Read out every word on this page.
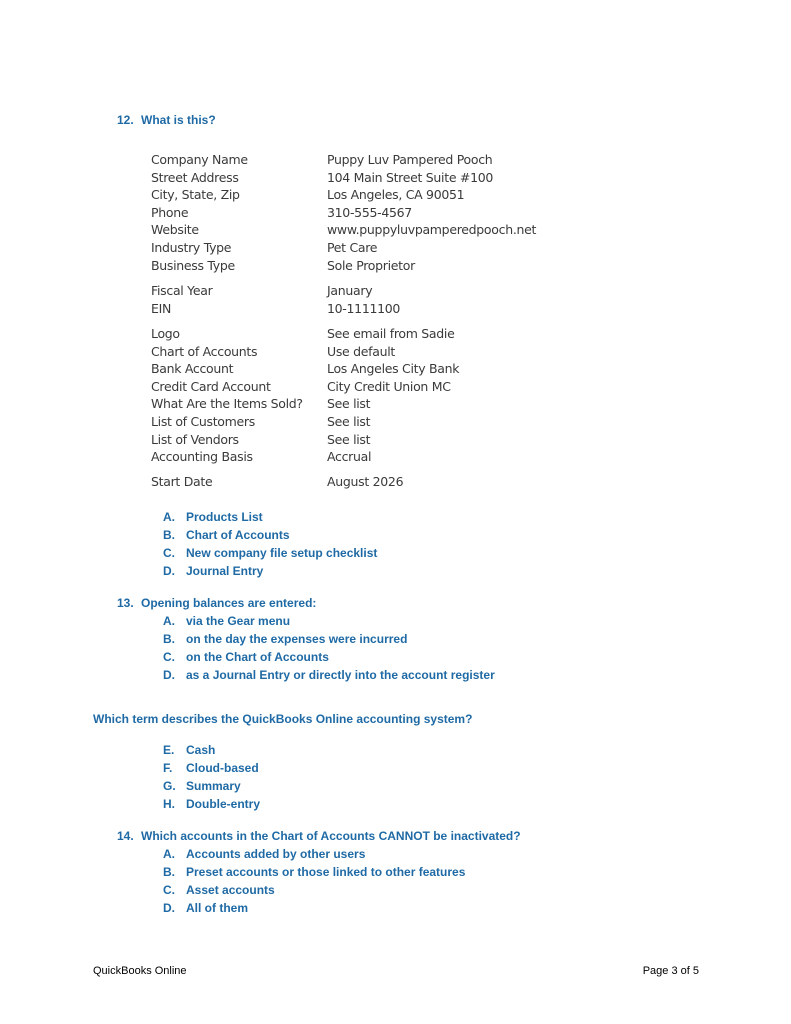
12. What is this?
Company Name	Puppy Luv Pampered Pooch
Street Address	104 Main Street Suite #100
City, State, Zip	Los Angeles, CA 90051
Phone	310-555-4567
Website	www.puppyluvpamperedpooch.net
Industry Type	Pet Care
Business Type	Sole Proprietor
Fiscal Year	January
EIN	10-1111100
Logo	See email from Sadie
Chart of Accounts	Use default
Bank Account	Los Angeles City Bank
Credit Card Account	City Credit Union MC
What Are the Items Sold? See list
List of Customers	See list
List of Vendors	See list
Accounting Basis	Accrual
Start Date	August 2026
A. Products List
B. Chart of Accounts
C. New company file setup checklist
D. Journal Entry
13. Opening balances are entered:
A. via the Gear menu
B. on the day the expenses were incurred
C. on the Chart of Accounts
D. as a Journal Entry or directly into the account register
Which term describes the QuickBooks Online accounting system?
E. Cash
F. Cloud-based
G. Summary
H. Double-entry
14. Which accounts in the Chart of Accounts CANNOT be inactivated?
A. Accounts added by other users
B. Preset accounts or those linked to other features
C. Asset accounts
D. All of them
QuickBooks Online	Page 3 of 5
